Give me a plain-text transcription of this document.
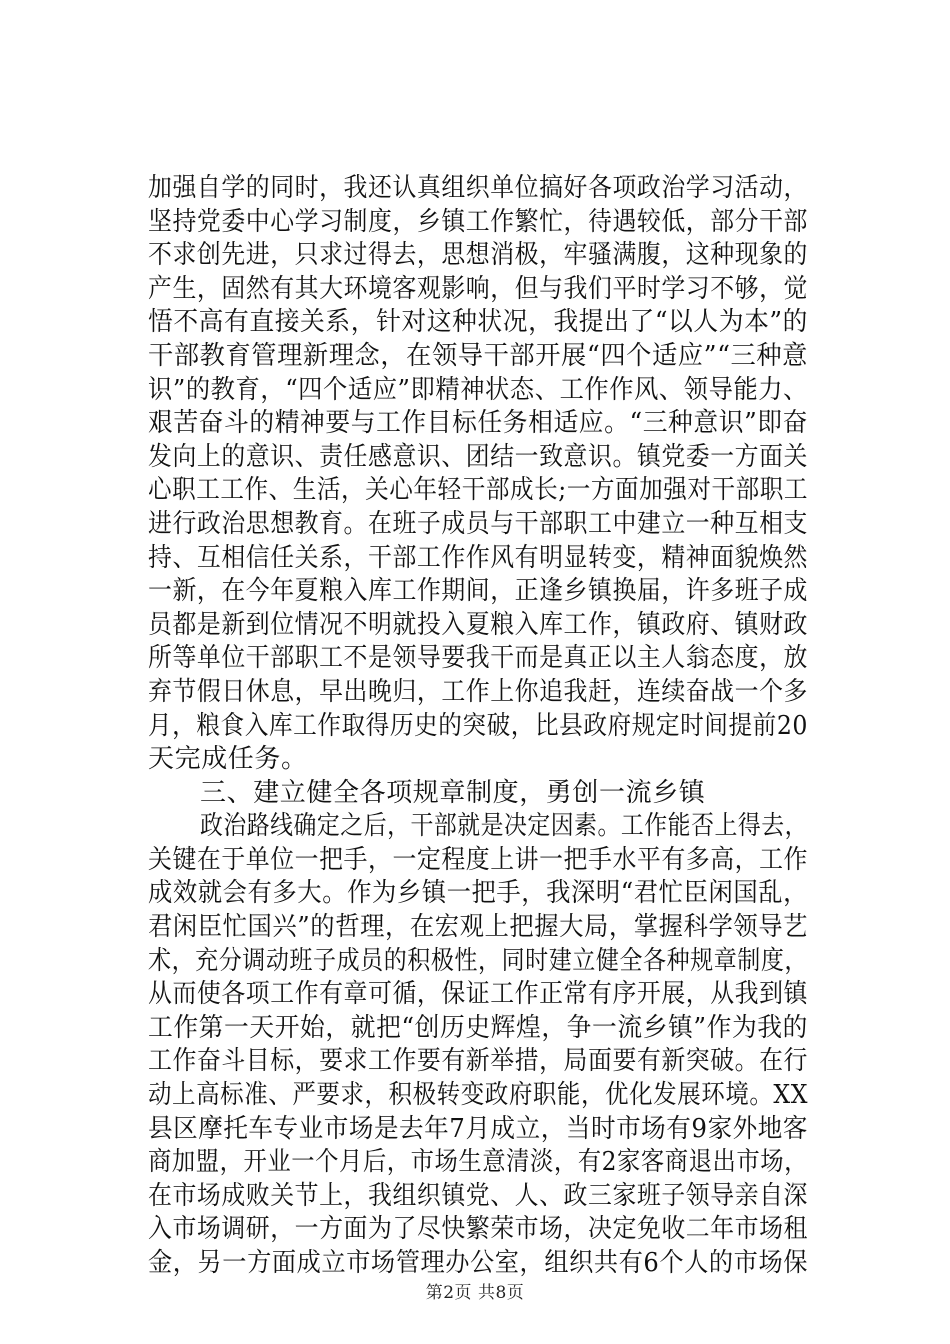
加强自学的同时，我还认真组织单位搞好各项政治学习活动，
坚持党委中心学习制度，乡镇工作繁忙，待遇较低，部分干部
不求创先进，只求过得去，思想消极，牢骚满腹，这种现象的
产生，固然有其大环境客观影响，但与我们平时学习不够，觉
悟不高有直接关系，针对这种状况，我提出了“以人为本”的
干部教育管理新理念，在领导干部开展“四个适应”“三种意
识”的教育，“四个适应”即精神状态、工作作风、领导能力、
艰苦奋斗的精神要与工作目标任务相适应。“三种意识”即奋
发向上的意识、责任感意识、团结一致意识。镇党委一方面关
心职工工作、生活，关心年轻干部成长;一方面加强对干部职工
进行政治思想教育。在班子成员与干部职工中建立一种互相支
持、互相信任关系，干部工作作风有明显转变，精神面貌焕然
一新，在今年夏粮入库工作期间，正逢乡镇换届，许多班子成
员都是新到位情况不明就投入夏粮入库工作，镇政府、镇财政
所等单位干部职工不是领导要我干而是真正以主人翁态度，放
弃节假日休息，早出晚归，工作上你追我赶，连续奋战一个多
月，粮食入库工作取得历史的突破，比县政府规定时间提前20
天完成任务。
三、建立健全各项规章制度，勇创一流乡镇
政治路线确定之后，干部就是决定因素。工作能否上得去，
关键在于单位一把手，一定程度上讲一把手水平有多高，工作
成效就会有多大。作为乡镇一把手，我深明“君忙臣闲国乱，
君闲臣忙国兴”的哲理，在宏观上把握大局，掌握科学领导艺
术，充分调动班子成员的积极性，同时建立健全各种规章制度，
从而使各项工作有章可循，保证工作正常有序开展，从我到镇
工作第一天开始，就把“创历史辉煌，争一流乡镇”作为我的
工作奋斗目标，要求工作要有新举措，局面要有新突破。在行
动上高标准、严要求，积极转变政府职能，优化发展环境。XX
县区摩托车专业市场是去年7月成立，当时市场有9家外地客
商加盟，开业一个月后，市场生意清淡，有2家客商退出市场，
在市场成败关节上，我组织镇党、人、政三家班子领导亲自深
入市场调研，一方面为了尽快繁荣市场，决定免收二年市场租
金，另一方面成立市场管理办公室，组织共有6个人的市场保
第2页 共8页
